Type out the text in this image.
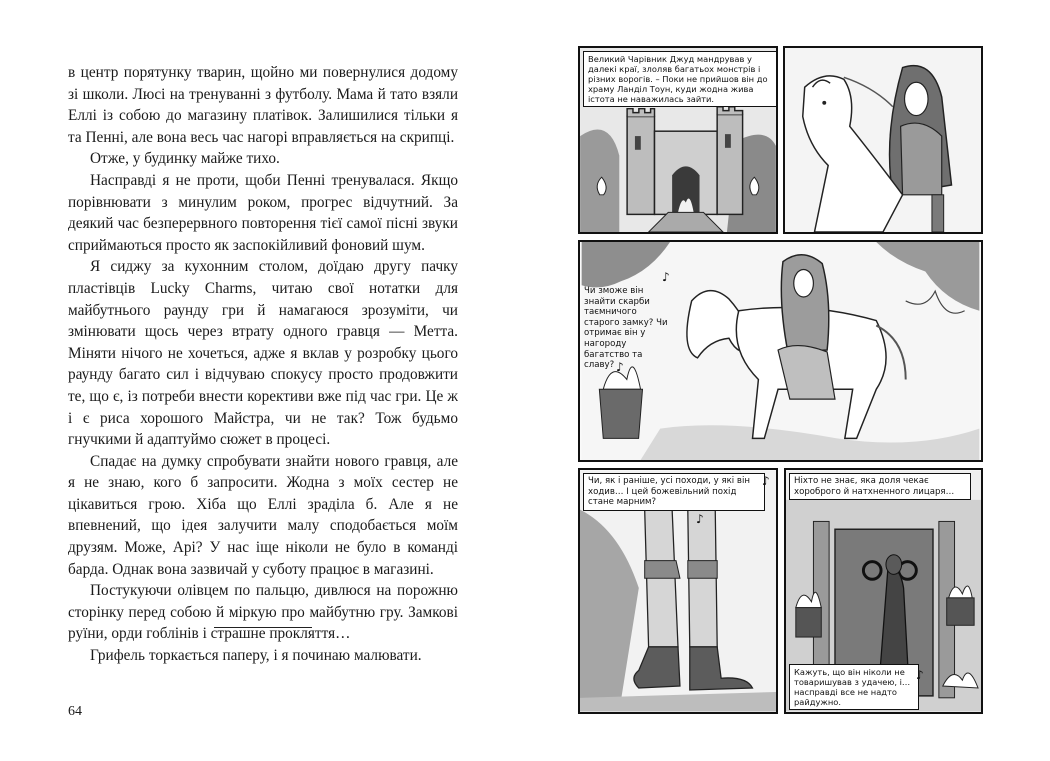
в центр порятунку тварин, щойно ми повернулися додому зі школи. Люсі на тренуванні з футболу. Мама й тато взяли Еллі із собою до магазину платівок. Залишилися тільки я та Пенні, але вона весь час нагорі вправляється на скрипці.

Отже, у будинку майже тихо.

Насправді я не проти, щоби Пенні тренувалася. Якщо порівнювати з минулим роком, прогрес відчутний. За деякий час безперервного повторення тієї самої пісні звуки сприймаються просто як заспокійливий фоновий шум.

Я сиджу за кухонним столом, доїдаю другу пачку пластівців Lucky Charms, читаю свої нотатки для майбутнього раунду гри й намагаюся зрозуміти, чи змінювати щось через втрату одного гравця — Метта. Міняти нічого не хочеться, адже я вклав у розробку цього раунду багато сил і відчуваю спокусу просто продовжити те, що є, із потреби внести корективи вже під час гри. Це ж і є риса хорошого Майстра, чи не так? Тож будьмо гнучкими й адаптуймо сюжет в процесі.

Спадає на думку спробувати знайти нового гравця, але я не знаю, кого б запросити. Жодна з моїх сестер не цікавиться грою. Хіба що Еллі зраділа б. Але я не впевнений, що ідея залучити малу сподобається моїм друзям. Може, Арі? У нас іще ніколи не було в команді барда. Однак вона зазвичай у суботу працює в магазині.

Постукуючи олівцем по пальцю, дивлюся на порожню сторінку перед собою й міркую про майбутню гру. Замкові руїни, орди гоблінів і страшне прокляття…

Грифель торкається паперу, і я починаю малювати.

64
Великий Чарівник Джуд мандрував у далекі краї, злоляв багатьох монстрів і різних ворогів. – Поки не прийшов він до храму Ланділ Тоун, куди жодна жива істота не наважилась зайти.
Чи зможе він знайти скарби таємничого старого замку? Чи отримає він у нагороду багатство та славу?
♪
♪
Чи, як і раніше, усі походи, у які він ходив… І цей божевільний похід стане марним?
♪
♪
Ніхто не знає, яка доля чекає хороброго й натхненного лицаря…
Кажуть, що він ніколи не товаришував з удачею, і… насправді все не надто райдужно.
♪
